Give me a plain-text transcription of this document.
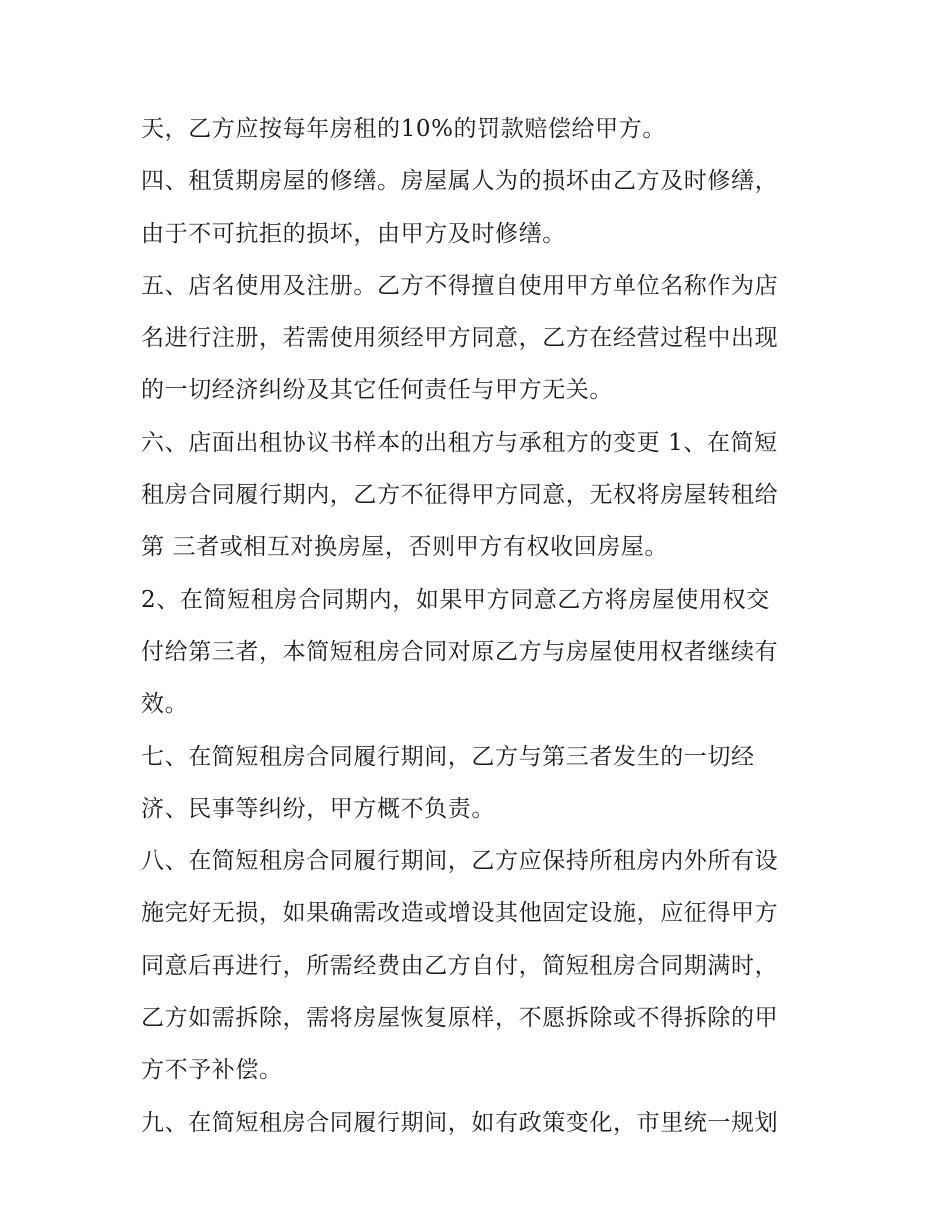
天，乙方应按每年房租的10%的罚款赔偿给甲方。
四、租赁期房屋的修缮。房屋属人为的损坏由乙方及时修缮，
由于不可抗拒的损坏，由甲方及时修缮。
五、店名使用及注册。乙方不得擅自使用甲方单位名称作为店
名进行注册，若需使用须经甲方同意，乙方在经营过程中出现
的一切经济纠纷及其它任何责任与甲方无关。
六、店面出租协议书样本的出租方与承租方的变更 1、在简短
租房合同履行期内，乙方不征得甲方同意，无权将房屋转租给
第 三者或相互对换房屋，否则甲方有权收回房屋。
2、在简短租房合同期内，如果甲方同意乙方将房屋使用权交
付给第三者，本简短租房合同对原乙方与房屋使用权者继续有
效。
七、在简短租房合同履行期间，乙方与第三者发生的一切经
济、民事等纠纷，甲方概不负责。
八、在简短租房合同履行期间，乙方应保持所租房内外所有设
施完好无损，如果确需改造或增设其他固定设施，应征得甲方
同意后再进行，所需经费由乙方自付，简短租房合同期满时，
乙方如需拆除，需将房屋恢复原样，不愿拆除或不得拆除的甲
方不予补偿。
九、在简短租房合同履行期间，如有政策变化，市里统一规划
